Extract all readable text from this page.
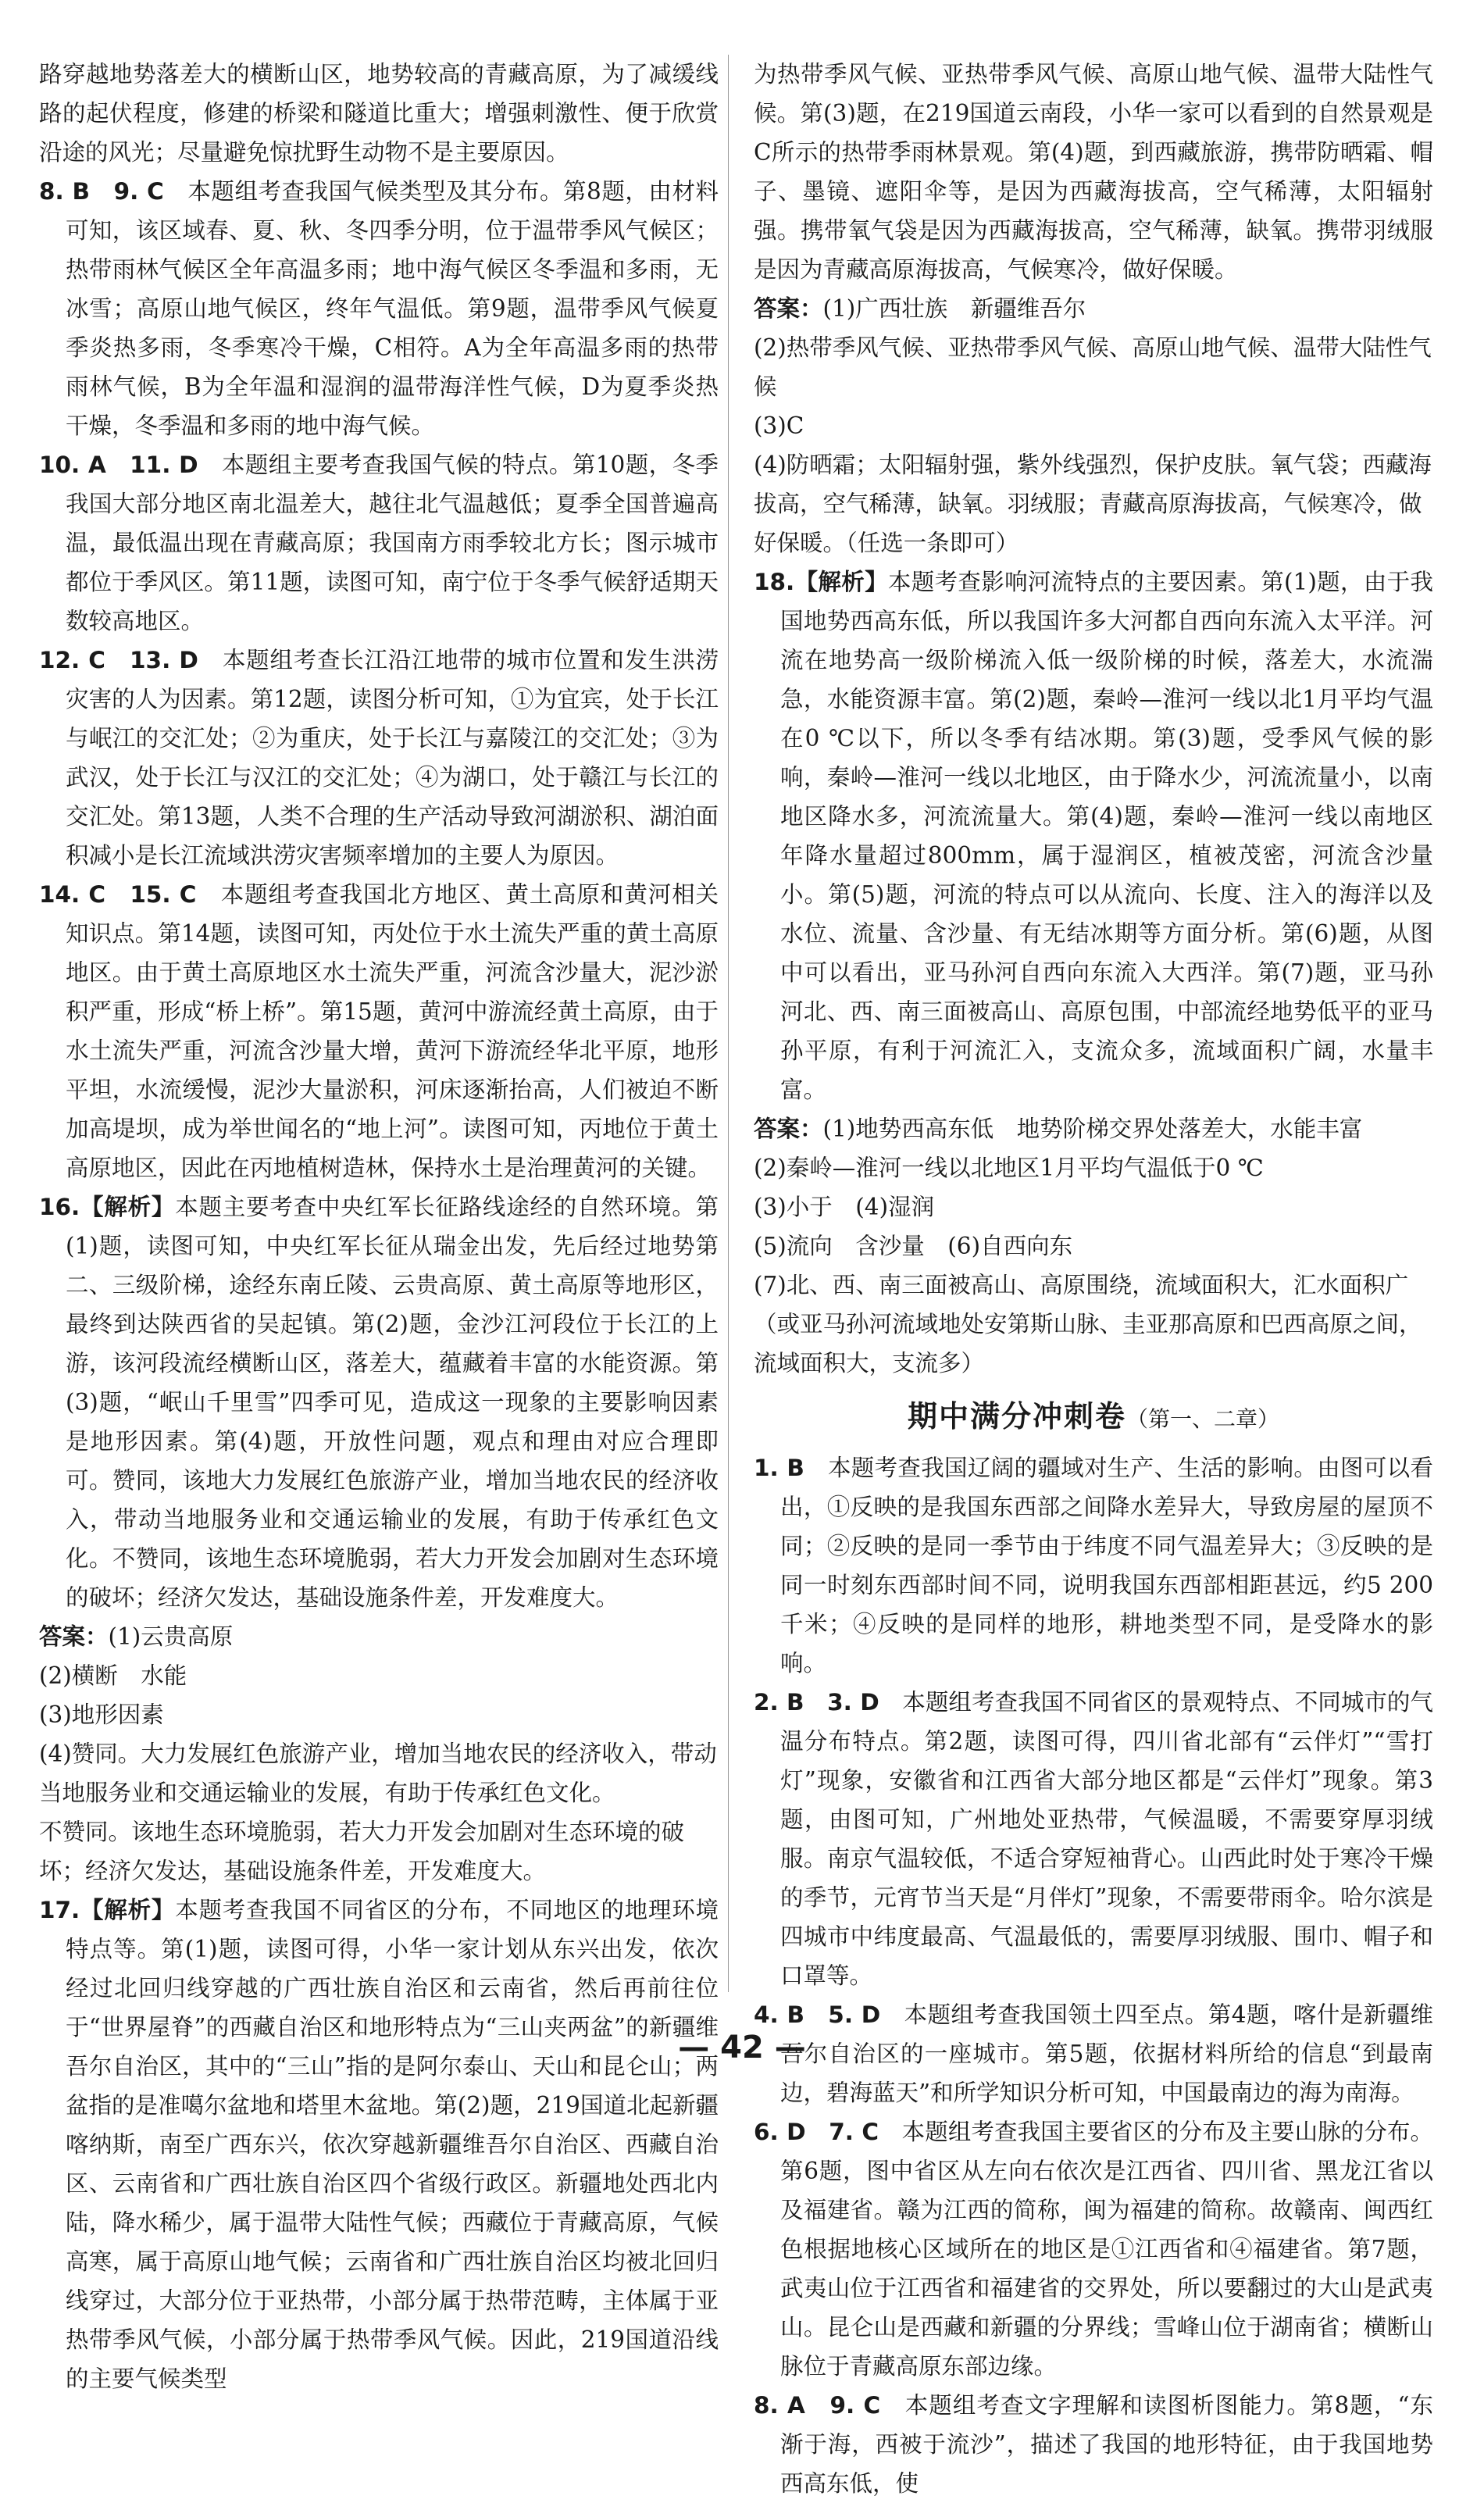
路穿越地势落差大的横断山区，地势较高的青藏高原，为了减缓线路的起伏程度，修建的桥梁和隧道比重大；增强刺激性、便于欣赏沿途的风光；尽量避免惊扰野生动物不是主要原因。

8. B　9. C　本题组考查我国气候类型及其分布。第8题，由材料可知，该区域春、夏、秋、冬四季分明，位于温带季风气候区；热带雨林气候区全年高温多雨；地中海气候区冬季温和多雨，无冰雪；高原山地气候区，终年气温低。第9题，温带季风气候夏季炎热多雨，冬季寒冷干燥，C相符。A为全年高温多雨的热带雨林气候，B为全年温和湿润的温带海洋性气候，D为夏季炎热干燥，冬季温和多雨的地中海气候。

10. A　11. D　本题组主要考查我国气候的特点。第10题，冬季我国大部分地区南北温差大，越往北气温越低；夏季全国普遍高温，最低温出现在青藏高原；我国南方雨季较北方长；图示城市都位于季风区。第11题，读图可知，南宁位于冬季气候舒适期天数较高地区。

12. C　13. D　本题组考查长江沿江地带的城市位置和发生洪涝灾害的人为因素。第12题，读图分析可知，①为宜宾，处于长江与岷江的交汇处；②为重庆，处于长江与嘉陵江的交汇处；③为武汉，处于长江与汉江的交汇处；④为湖口，处于赣江与长江的交汇处。第13题，人类不合理的生产活动导致河湖淤积、湖泊面积减小是长江流域洪涝灾害频率增加的主要人为原因。

14. C　15. C　本题组考查我国北方地区、黄土高原和黄河相关知识点。第14题，读图可知，丙处位于水土流失严重的黄土高原地区。由于黄土高原地区水土流失严重，河流含沙量大，泥沙淤积严重，形成“桥上桥”。第15题，黄河中游流经黄土高原，由于水土流失严重，河流含沙量大增，黄河下游流经华北平原，地形平坦，水流缓慢，泥沙大量淤积，河床逐渐抬高，人们被迫不断加高堤坝，成为举世闻名的“地上河”。读图可知，丙地位于黄土高原地区，因此在丙地植树造林，保持水土是治理黄河的关键。

16.【解析】本题主要考查中央红军长征路线途经的自然环境。第(1)题，读图可知，中央红军长征从瑞金出发，先后经过地势第二、三级阶梯，途经东南丘陵、云贵高原、黄土高原等地形区，最终到达陕西省的吴起镇。第(2)题，金沙江河段位于长江的上游，该河段流经横断山区，落差大，蕴藏着丰富的水能资源。第(3)题，“岷山千里雪”四季可见，造成这一现象的主要影响因素是地形因素。第(4)题，开放性问题，观点和理由对应合理即可。赞同，该地大力发展红色旅游产业，增加当地农民的经济收入，带动当地服务业和交通运输业的发展，有助于传承红色文化。不赞同，该地生态环境脆弱，若大力开发会加剧对生态环境的破坏；经济欠发达，基础设施条件差，开发难度大。

答案：(1)云贵高原

(2)横断　水能

(3)地形因素

(4)赞同。大力发展红色旅游产业，增加当地农民的经济收入，带动当地服务业和交通运输业的发展，有助于传承红色文化。

不赞同。该地生态环境脆弱，若大力开发会加剧对生态环境的破坏；经济欠发达，基础设施条件差，开发难度大。

17.【解析】本题考查我国不同省区的分布，不同地区的地理环境特点等。第(1)题，读图可得，小华一家计划从东兴出发，依次经过北回归线穿越的广西壮族自治区和云南省，然后再前往位于“世界屋脊”的西藏自治区和地形特点为“三山夹两盆”的新疆维吾尔自治区，其中的“三山”指的是阿尔泰山、天山和昆仑山；两盆指的是准噶尔盆地和塔里木盆地。第(2)题，219国道北起新疆喀纳斯，南至广西东兴，依次穿越新疆维吾尔自治区、西藏自治区、云南省和广西壮族自治区四个省级行政区。新疆地处西北内陆，降水稀少，属于温带大陆性气候；西藏位于青藏高原，气候高寒，属于高原山地气候；云南省和广西壮族自治区均被北回归线穿过，大部分位于亚热带，小部分属于热带范畴，主体属于亚热带季风气候，小部分属于热带季风气候。因此，219国道沿线的主要气候类型

为热带季风气候、亚热带季风气候、高原山地气候、温带大陆性气候。第(3)题，在219国道云南段，小华一家可以看到的自然景观是C所示的热带季雨林景观。第(4)题，到西藏旅游，携带防晒霜、帽子、墨镜、遮阳伞等，是因为西藏海拔高，空气稀薄，太阳辐射强。携带氧气袋是因为西藏海拔高，空气稀薄，缺氧。携带羽绒服是因为青藏高原海拔高，气候寒冷，做好保暖。

答案：(1)广西壮族　新疆维吾尔

(2)热带季风气候、亚热带季风气候、高原山地气候、温带大陆性气候

(3)C

(4)防晒霜；太阳辐射强，紫外线强烈，保护皮肤。氧气袋；西藏海拔高，空气稀薄，缺氧。羽绒服；青藏高原海拔高，气候寒冷，做好保暖。（任选一条即可）

18.【解析】本题考查影响河流特点的主要因素。第(1)题，由于我国地势西高东低，所以我国许多大河都自西向东流入太平洋。河流在地势高一级阶梯流入低一级阶梯的时候，落差大，水流湍急，水能资源丰富。第(2)题，秦岭—淮河一线以北1月平均气温在0 ℃以下，所以冬季有结冰期。第(3)题，受季风气候的影响，秦岭—淮河一线以北地区，由于降水少，河流流量小，以南地区降水多，河流流量大。第(4)题，秦岭—淮河一线以南地区年降水量超过800mm，属于湿润区，植被茂密，河流含沙量小。第(5)题，河流的特点可以从流向、长度、注入的海洋以及水位、流量、含沙量、有无结冰期等方面分析。第(6)题，从图中可以看出，亚马孙河自西向东流入大西洋。第(7)题，亚马孙河北、西、南三面被高山、高原包围，中部流经地势低平的亚马孙平原，有利于河流汇入，支流众多，流域面积广阔，水量丰富。

答案：(1)地势西高东低　地势阶梯交界处落差大，水能丰富

(2)秦岭—淮河一线以北地区1月平均气温低于0 ℃

(3)小于　(4)湿润

(5)流向　含沙量　(6)自西向东

(7)北、西、南三面被高山、高原围绕，流域面积大，汇水面积广（或亚马孙河流域地处安第斯山脉、圭亚那高原和巴西高原之间，流域面积大，支流多）

期中满分冲刺卷（第一、二章）

1. B　本题考查我国辽阔的疆域对生产、生活的影响。由图可以看出，①反映的是我国东西部之间降水差异大，导致房屋的屋顶不同；②反映的是同一季节由于纬度不同气温差异大；③反映的是同一时刻东西部时间不同，说明我国东西部相距甚远，约5 200千米；④反映的是同样的地形，耕地类型不同，是受降水的影响。

2. B　3. D　本题组考查我国不同省区的景观特点、不同城市的气温分布特点。第2题，读图可得，四川省北部有“云伴灯”“雪打灯”现象，安徽省和江西省大部分地区都是“云伴灯”现象。第3题，由图可知，广州地处亚热带，气候温暖，不需要穿厚羽绒服。南京气温较低，不适合穿短袖背心。山西此时处于寒冷干燥的季节，元宵节当天是“月伴灯”现象，不需要带雨伞。哈尔滨是四城市中纬度最高、气温最低的，需要厚羽绒服、围巾、帽子和口罩等。

4. B　5. D　本题组考查我国领土四至点。第4题，喀什是新疆维吾尔自治区的一座城市。第5题，依据材料所给的信息“到最南边，碧海蓝天”和所学知识分析可知，中国最南边的海为南海。

6. D　7. C　本题组考查我国主要省区的分布及主要山脉的分布。第6题，图中省区从左向右依次是江西省、四川省、黑龙江省以及福建省。赣为江西的简称，闽为福建的简称。故赣南、闽西红色根据地核心区域所在的地区是①江西省和④福建省。第7题，武夷山位于江西省和福建省的交界处，所以要翻过的大山是武夷山。昆仑山是西藏和新疆的分界线；雪峰山位于湖南省；横断山脉位于青藏高原东部边缘。

8. A　9. C　本题组考查文字理解和读图析图能力。第8题，“东渐于海，西被于流沙”，描述了我国的地形特征，由于我国地势西高东低，使

— 42 —
